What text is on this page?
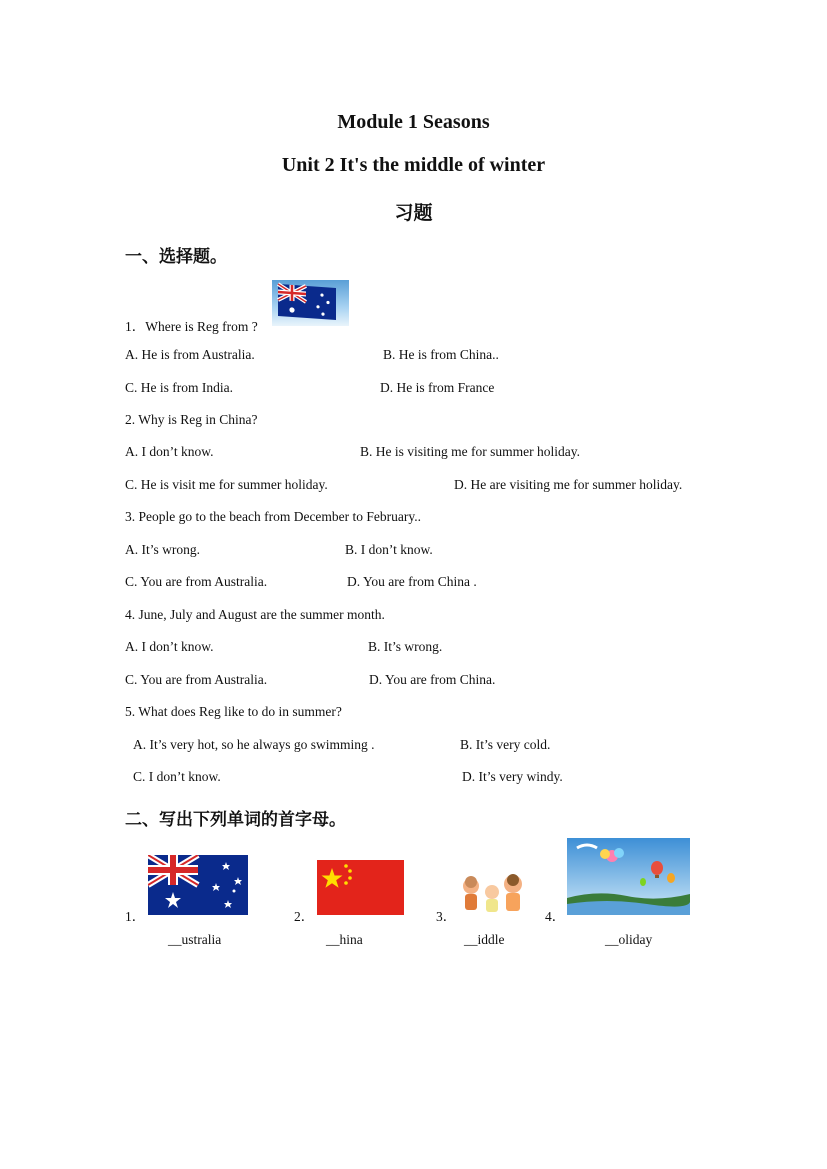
Module 1 Seasons
Unit 2 It's the middle of winter
习题
一、选择题。
1．Where is Reg from ?
A. He is from Australia.	B. He is from China..
C. He is from India.	D. He is from France
2. Why is Reg in China?
A. I don’t know.	B. He is visiting me for summer holiday.
C. He is visit me for summer holiday.	D. He are visiting me for summer holiday.
3. People go to the beach from December to February..
A. It’s wrong.	B. I don’t know.
C. You are from Australia.	D. You are from China .
4. June, July and August are the summer month.
A. I don’t know.	B. It’s wrong.
C. You are from Australia.	D. You are from China.
5. What does Reg like to do in summer?
A. It’s very hot, so he always go swimming .	B. It’s very cold.
C. I don’t know.	D. It’s very windy.
二、写出下列单词的首字母。
1．
__ustralia
2．
__hina
3．
__iddle
4．
__oliday
